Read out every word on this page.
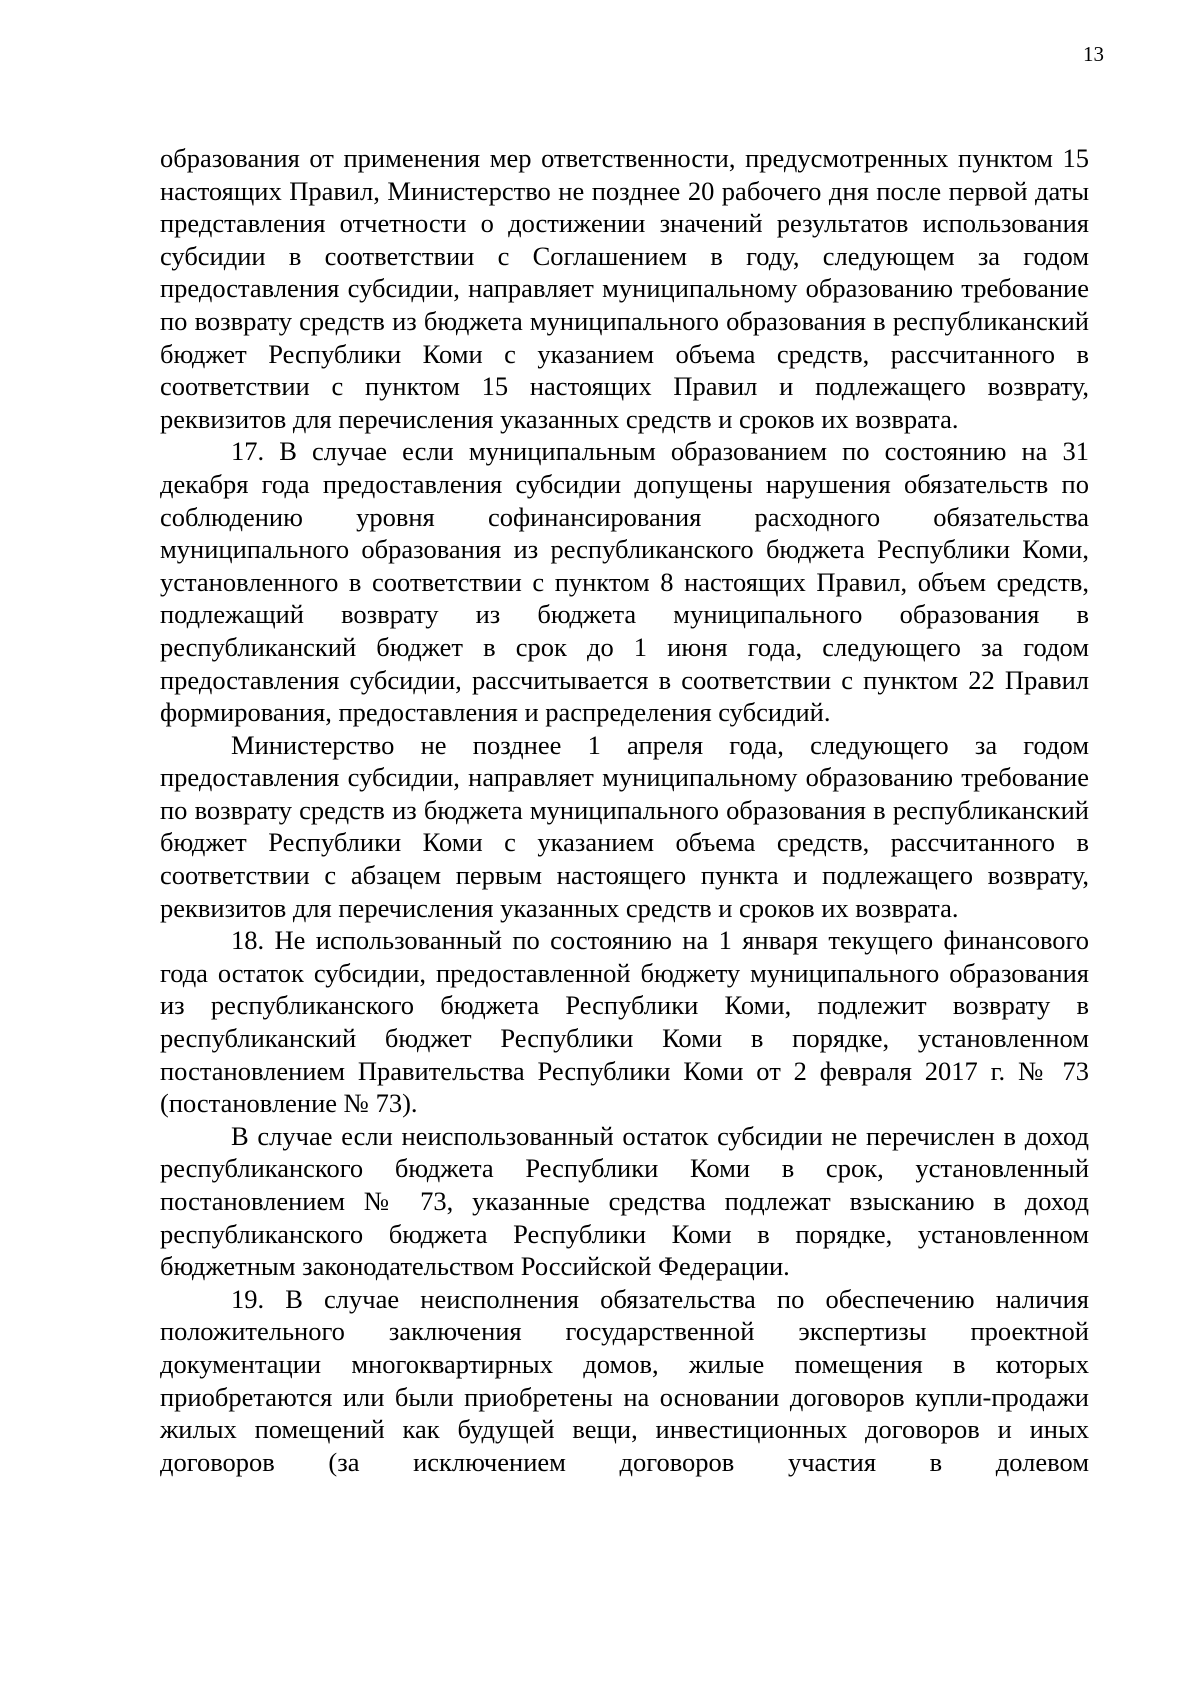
13

образования от применения мер ответственности, предусмотренных пунктом 15 настоящих Правил, Министерство не позднее 20 рабочего дня после первой даты представления отчетности о достижении значений результатов использования субсидии в соответствии с Соглашением в году, следующем за годом предоставления субсидии, направляет муниципальному образованию требование по возврату средств из бюджета муниципального образования в республиканский бюджет Республики Коми с указанием объема средств, рассчитанного в соответствии с пунктом 15 настоящих Правил и подлежащего возврату, реквизитов для перечисления указанных средств и сроков их возврата.

17. В случае если муниципальным образованием по состоянию на 31 декабря года предоставления субсидии допущены нарушения обязательств по соблюдению уровня софинансирования расходного обязательства муниципального образования из республиканского бюджета Республики Коми, установленного в соответствии с пунктом 8 настоящих Правил, объем средств, подлежащий возврату из бюджета муниципального образования в республиканский бюджет в срок до 1 июня года, следующего за годом предоставления субсидии, рассчитывается в соответствии с пунктом 22 Правил формирования, предоставления и распределения субсидий.

Министерство не позднее 1 апреля года, следующего за годом предоставления субсидии, направляет муниципальному образованию требование по возврату средств из бюджета муниципального образования в республиканский бюджет Республики Коми с указанием объема средств, рассчитанного в соответствии с абзацем первым настоящего пункта и подлежащего возврату, реквизитов для перечисления указанных средств и сроков их возврата.

18. Не использованный по состоянию на 1 января текущего финансового года остаток субсидии, предоставленной бюджету муниципального образования из республиканского бюджета Республики Коми, подлежит возврату в республиканский бюджет Республики Коми в порядке, установленном постановлением Правительства Республики Коми от 2 февраля 2017 г. № 73 (постановление № 73).

В случае если неиспользованный остаток субсидии не перечислен в доход республиканского бюджета Республики Коми в срок, установленный постановлением № 73, указанные средства подлежат взысканию в доход республиканского бюджета Республики Коми в порядке, установленном бюджетным законодательством Российской Федерации.

19. В случае неисполнения обязательства по обеспечению наличия положительного заключения государственной экспертизы проектной документации многоквартирных домов, жилые помещения в которых приобретаются или были приобретены на основании договоров купли-продажи жилых помещений как будущей вещи, инвестиционных договоров и иных договоров (за исключением договоров участия в долевом
